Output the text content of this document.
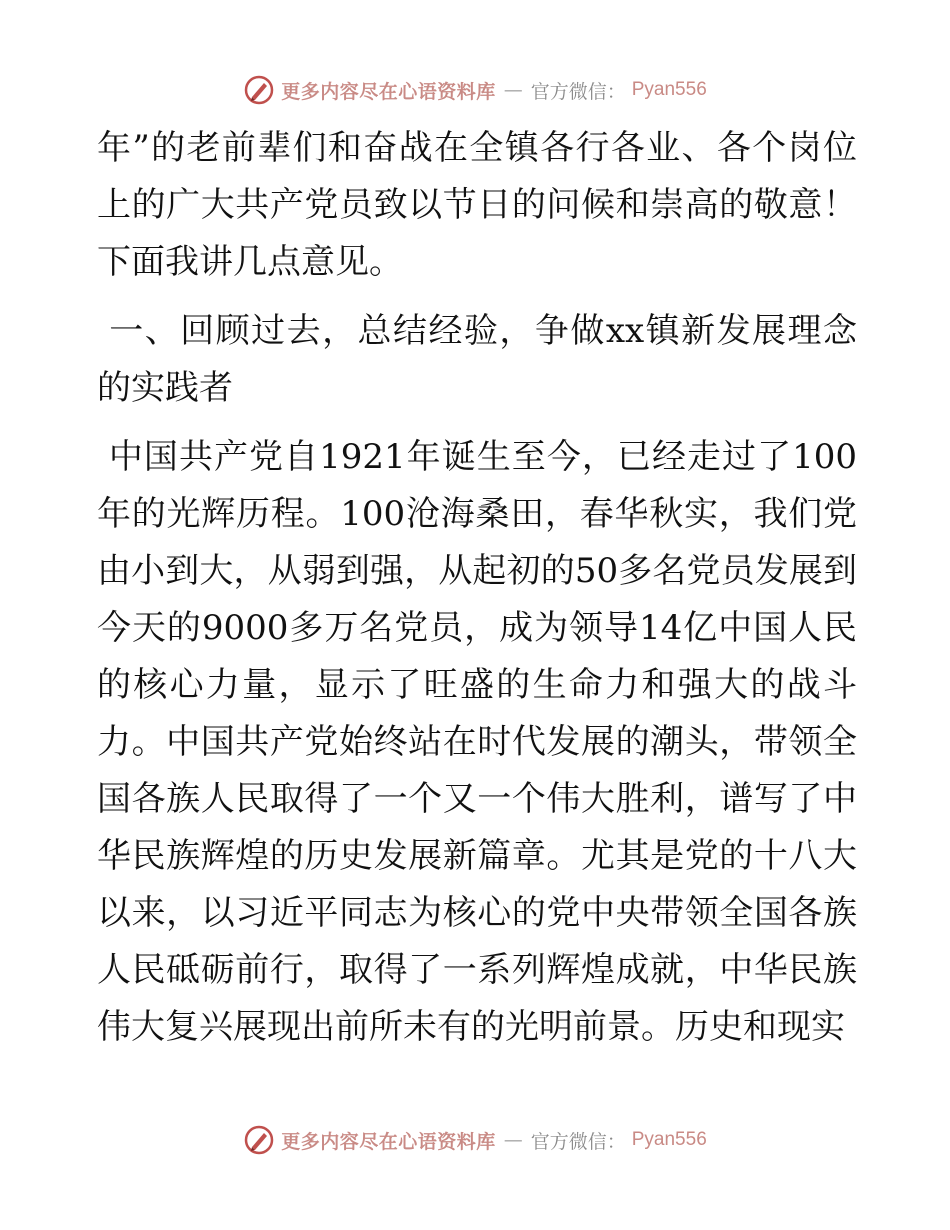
更多内容尽在心语资料库 — 官方微信： Pyan556

年”的老前辈们和奋战在全镇各行各业、各个岗位上的广大共产党员致以节日的问候和崇高的敬意！下面我讲几点意见。

一、回顾过去，总结经验，争做xx镇新发展理念的实践者

中国共产党自1921年诞生至今，已经走过了100年的光辉历程。100沧海桑田，春华秋实，我们党由小到大，从弱到强，从起初的50多名党员发展到今天的9000多万名党员，成为领导14亿中国人民的核心力量，显示了旺盛的生命力和强大的战斗力。中国共产党始终站在时代发展的潮头，带领全国各族人民取得了一个又一个伟大胜利，谱写了中华民族辉煌的历史发展新篇章。尤其是党的十八大以来，以习近平同志为核心的党中央带领全国各族人民砥砺前行，取得了一系列辉煌成就，中华民族伟大复兴展现出前所未有的光明前景。历史和现实

更多内容尽在心语资料库 — 官方微信： Pyan556
